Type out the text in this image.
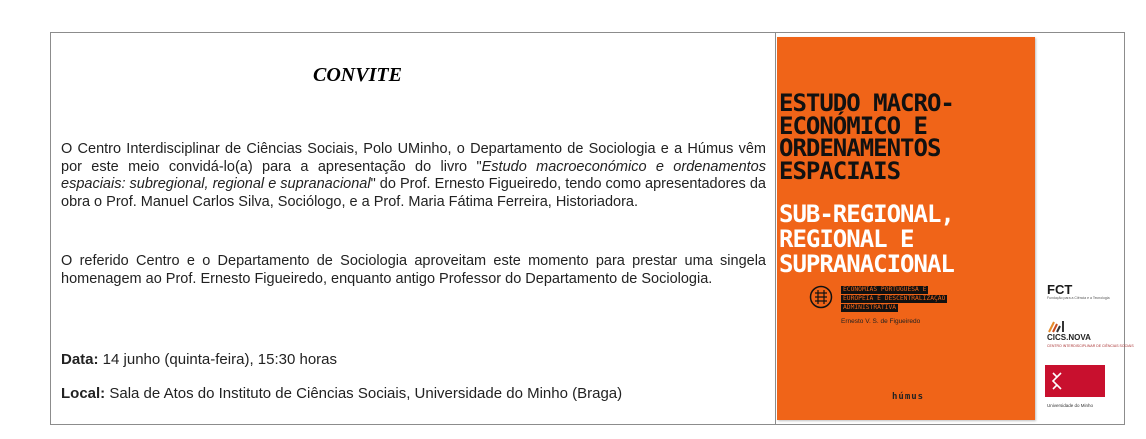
CONVITE

O Centro Interdisciplinar de Ciências Sociais, Polo UMinho, o Departamento de Sociologia e a Húmus vêm por este meio convidá-lo(a) para a apresentação do livro "Estudo macroeconómico e ordenamentos espaciais: subregional, regional e supranacional" do Prof. Ernesto Figueiredo, tendo como apresentadores da obra o Prof. Manuel Carlos Silva, Sociólogo, e a Prof. Maria Fátima Ferreira, Historiadora.

O referido Centro e o Departamento de Sociologia aproveitam este momento para prestar uma singela homenagem ao Prof. Ernesto Figueiredo, enquanto antigo Professor do Departamento de Sociologia.

Data: 14 junho (quinta-feira), 15:30 horas
Local: Sala de Atos do Instituto de Ciências Sociais, Universidade do Minho (Braga)
ESTUDO MACRO-
ECONÓMICO E
ORDENAMENTOS
ESPACIAIS
SUB-REGIONAL,
REGIONAL E
SUPRANACIONAL
ECONOMIAS PORTUGUESA E
EUROPEIA E DESCENTRALIZAÇÃO
ADMINISTRATIVA
Ernesto V. S. de Figueiredo
húmus
FCT
Fundação para a Ciência e a Tecnologia
CICS.NOVA
CENTRO INTERDISCIPLINAR DE CIÊNCIAS SOCIAIS
Universidade do Minho
